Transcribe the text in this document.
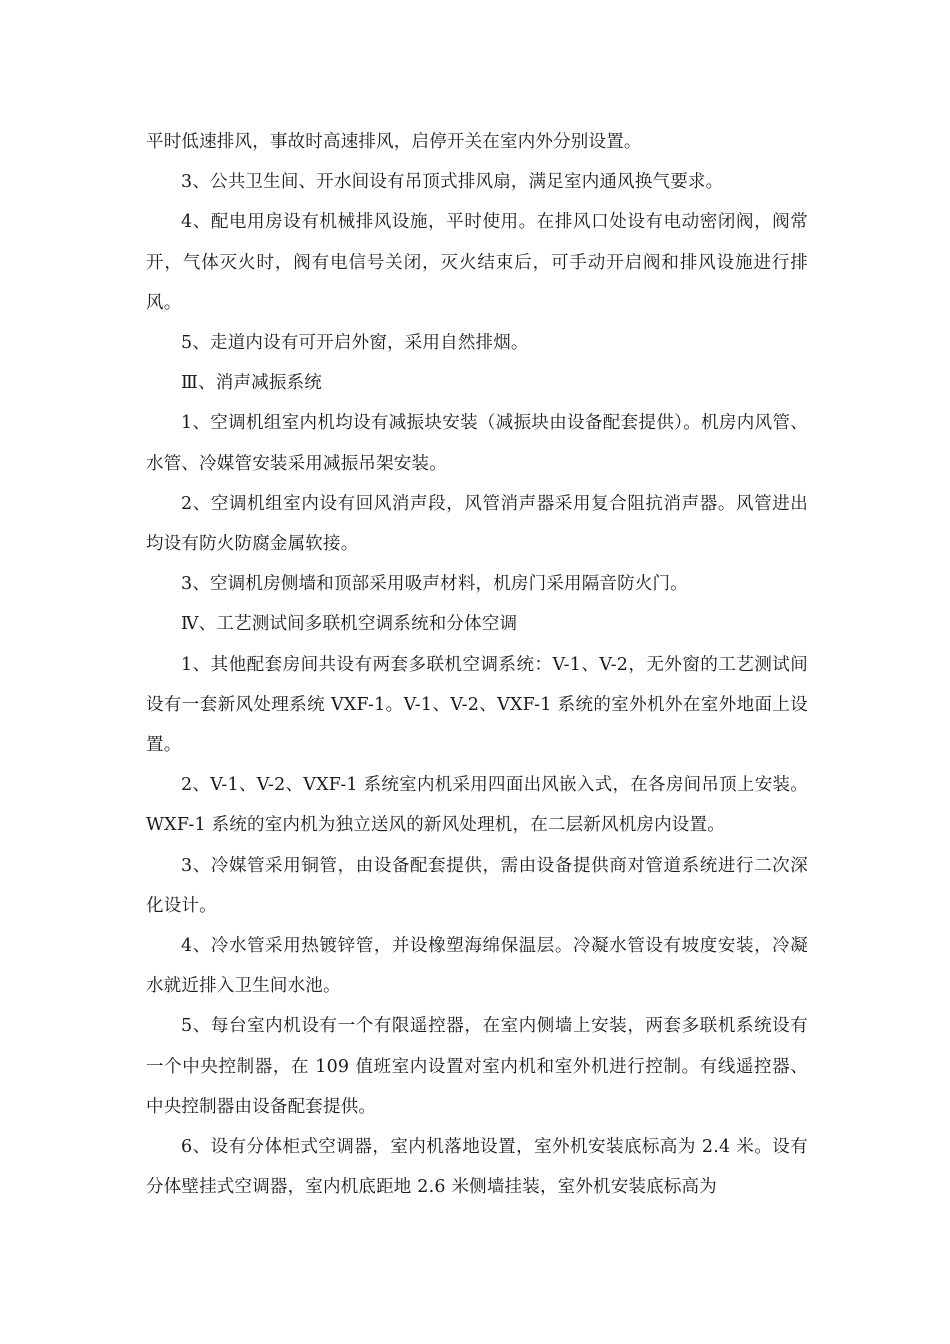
平时低速排风，事故时高速排风，启停开关在室内外分别设置。

3、公共卫生间、开水间设有吊顶式排风扇，满足室内通风换气要求。

4、配电用房设有机械排风设施，平时使用。在排风口处设有电动密闭阀，阀常开，气体灭火时，阀有电信号关闭，灭火结束后，可手动开启阀和排风设施进行排风。

5、走道内设有可开启外窗，采用自然排烟。

Ⅲ、消声减振系统

1、空调机组室内机均设有减振块安装（减振块由设备配套提供）。机房内风管、水管、冷媒管安装采用减振吊架安装。

2、空调机组室内设有回风消声段，风管消声器采用复合阻抗消声器。风管进出均设有防火防腐金属软接。

3、空调机房侧墙和顶部采用吸声材料，机房门采用隔音防火门。

Ⅳ、工艺测试间多联机空调系统和分体空调

1、其他配套房间共设有两套多联机空调系统：V-1、V-2，无外窗的工艺测试间设有一套新风处理系统 VXF-1。V-1、V-2、VXF-1 系统的室外机外在室外地面上设置。

2、V-1、V-2、VXF-1 系统室内机采用四面出风嵌入式，在各房间吊顶上安装。WXF-1 系统的室内机为独立送风的新风处理机，在二层新风机房内设置。

3、冷媒管采用铜管，由设备配套提供，需由设备提供商对管道系统进行二次深化设计。

4、冷水管采用热镀锌管，并设橡塑海绵保温层。冷凝水管设有坡度安装，冷凝水就近排入卫生间水池。

5、每台室内机设有一个有限遥控器，在室内侧墙上安装，两套多联机系统设有一个中央控制器，在 109 值班室内设置对室内机和室外机进行控制。有线遥控器、中央控制器由设备配套提供。

6、设有分体柜式空调器，室内机落地设置，室外机安装底标高为 2.4 米。设有分体壁挂式空调器，室内机底距地 2.6 米侧墙挂装，室外机安装底标高为
